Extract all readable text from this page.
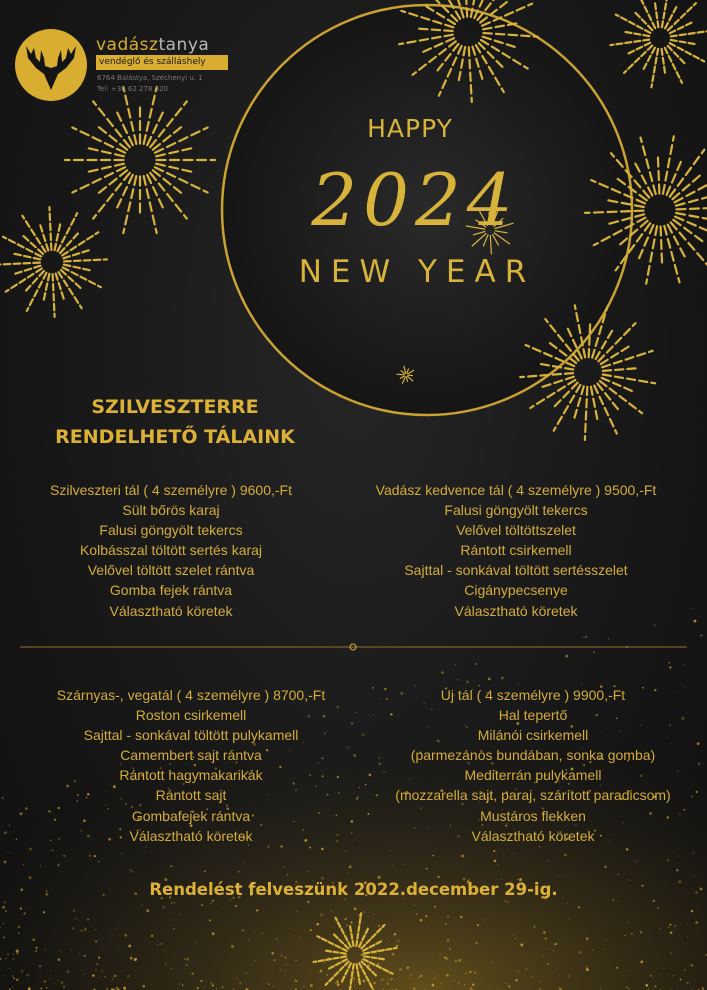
vadásztanya
vendéglő és szálláshely
6764 Balástya, Széchenyi u. 1
Tel: +36 62 278 520
HAPPY
2024
NEW YEAR
SZILVESZTERRE
RENDELHETŐ TÁLAINK
Szilveszteri tál ( 4 személyre ) 9600,-Ft
Sült bőrös karaj
Falusi göngyölt tekercs
Kolbásszal töltött sertés karaj
Velővel töltött szelet rántva
Gomba fejek rántva
Választható köretek
Vadász kedvence tál ( 4 személyre ) 9500,-Ft
Falusi göngyölt tekercs
Velővel töltöttszelet
Rántott csirkemell
Sajttal - sonkával töltött sertésszelet
Cigánypecsenye
Választható köretek
Szárnyas-, vegatál ( 4 személyre ) 8700,-Ft
Roston csirkemell
Sajttal - sonkával töltött pulykamell
Camembert sajt rántva
Rántott hagymakarikák
Rántott sajt
Gombafejek rántva
Választható köretek
Új tál ( 4 személyre ) 9900,-Ft
Hal tepertő
Milánói csirkemell
(parmezános bundában, sonka gomba)
Mediterrán pulykamell
(mozzarella sajt, paraj, szárított paradicsom)
Mustáros flekken
Választható köretek
Rendelést felveszünk 2022.december 29-ig.
